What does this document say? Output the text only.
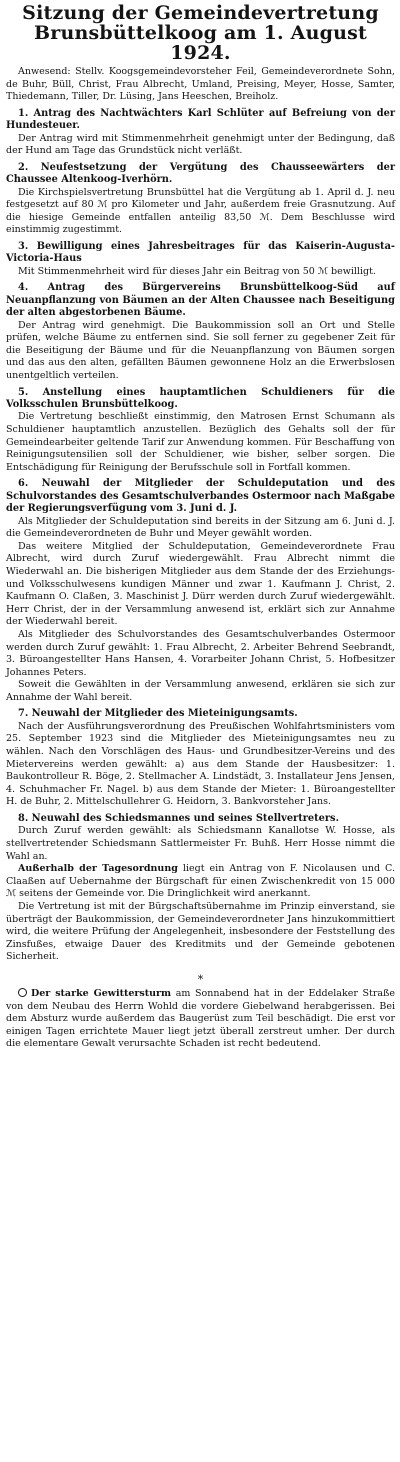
Sitzung der Gemeindevertretung
Brunsbüttelkoog am 1. August 1924.

Anwesend: Stellv. Koogsgemeindevorsteher Feil, Gemeindeverordnete Sohn, de Buhr, Büll, Christ, Frau Albrecht, Umland, Preising, Meyer, Hosse, Samter, Thiedemann, Tiller, Dr. Lüsing, Jans Heeschen, Breiholz.

1. Antrag des Nachtwächters Karl Schlüter auf Befreiung von der Hundesteuer.

Der Antrag wird mit Stimmenmehrheit genehmigt unter der Bedingung, daß der Hund am Tage das Grundstück nicht verläßt.

2. Neufestsetzung der Vergütung des Chausseewärters der Chaussee Altenkoog-Iverhörn.

Die Kirchspielsvertretung Brunsbüttel hat die Vergütung ab 1. April d. J. neu festgesetzt auf 80 ℳ pro Kilometer und Jahr, außerdem freie Grasnutzung. Auf die hiesige Gemeinde entfallen anteilig 83,50 ℳ. Dem Beschlusse wird einstimmig zugestimmt.

3. Bewilligung eines Jahresbeitrages für das Kaiserin-Augusta-Victoria-Haus

Mit Stimmenmehrheit wird für dieses Jahr ein Beitrag von 50 ℳ bewilligt.

4. Antrag des Bürgervereins Brunsbüttelkoog-Süd auf Neuanpflanzung von Bäumen an der Alten Chaussee nach Beseitigung der alten abgestorbenen Bäume.

Der Antrag wird genehmigt. Die Baukommission soll an Ort und Stelle prüfen, welche Bäume zu entfernen sind. Sie soll ferner zu gegebener Zeit für die Beseitigung der Bäume und für die Neuanpflanzung von Bäumen sorgen und das aus den alten, gefällten Bäumen gewonnene Holz an die Erwerbslosen unentgeltlich verteilen.

5. Anstellung eines hauptamtlichen Schuldieners für die Volksschulen Brunsbüttelkoog.

Die Vertretung beschließt einstimmig, den Matrosen Ernst Schumann als Schuldiener hauptamtlich anzustellen. Bezüglich des Gehalts soll der für Gemeindearbeiter geltende Tarif zur Anwendung kommen. Für Beschaffung von Reinigungsutensilien soll der Schuldiener, wie bisher, selber sorgen. Die Entschädigung für Reinigung der Berufsschule soll in Fortfall kommen.

6. Neuwahl der Mitglieder der Schuldeputation und des Schulvorstandes des Gesamtschulverbandes Ostermoor nach Maßgabe der Regierungsverfügung vom 3. Juni d. J.

Als Mitglieder der Schuldeputation sind bereits in der Sitzung am 6. Juni d. J. die Gemeindeverordneten de Buhr und Meyer gewählt worden.

Das weitere Mitglied der Schuldeputation, Gemeindeverordnete Frau Albrecht, wird durch Zuruf wiedergewählt. Frau Albrecht nimmt die Wiederwahl an. Die bisherigen Mitglieder aus dem Stande der des Erziehungs- und Volksschulwesens kundigen Männer und zwar 1. Kaufmann J. Christ, 2. Kaufmann O. Claßen, 3. Maschinist J. Dürr werden durch Zuruf wiedergewählt. Herr Christ, der in der Versammlung anwesend ist, erklärt sich zur Annahme der Wiederwahl bereit.

Als Mitglieder des Schulvorstandes des Gesamtschulverbandes Ostermoor werden durch Zuruf gewählt: 1. Frau Albrecht, 2. Arbeiter Behrend Seebrandt, 3. Büroangestellter Hans Hansen, 4. Vorarbeiter Johann Christ, 5. Hofbesitzer Johannes Peters.

Soweit die Gewählten in der Versammlung anwesend, erklären sie sich zur Annahme der Wahl bereit.

7. Neuwahl der Mitglieder des Mieteinigungsamts.

Nach der Ausführungsverordnung des Preußischen Wohlfahrtsministers vom 25. September 1923 sind die Mitglieder des Mieteinigungsamtes neu zu wählen. Nach den Vorschlägen des Haus- und Grundbesitzer-Vereins und des Mietervereins werden gewählt: a) aus dem Stande der Hausbesitzer: 1. Baukontrolleur R. Böge, 2. Stellmacher A. Lindstädt, 3. Installateur Jens Jensen, 4. Schuhmacher Fr. Nagel. b) aus dem Stande der Mieter: 1. Büroangestellter H. de Buhr, 2. Mittelschullehrer G. Heidorn, 3. Bankvorsteher Jans.

8. Neuwahl des Schiedsmannes und seines Stellvertreters.

Durch Zuruf werden gewählt: als Schiedsmann Kanallotse W. Hosse, als stellvertretender Schiedsmann Sattlermeister Fr. Buhß. Herr Hosse nimmt die Wahl an.

Außerhalb der Tagesordnung liegt ein Antrag von F. Nicolausen und C. Claaßen auf Uebernahme der Bürgschaft für einen Zwischenkredit von 15 000 ℳ seitens der Gemeinde vor. Die Dringlichkeit wird anerkannt.

Die Vertretung ist mit der Bürgschaftsübernahme im Prinzip einverstand, sie überträgt der Baukommission, der Gemeindeverordneter Jans hinzukommittiert wird, die weitere Prüfung der Angelegenheit, insbesondere der Feststellung des Zinsfußes, etwaige Dauer des Kreditmits und der Gemeinde gebotenen Sicherheit.

*

Der starke Gewittersturm am Sonnabend hat in der Eddelaker Straße von dem Neubau des Herrn Wohld die vordere Giebelwand herabgerissen. Bei dem Absturz wurde außerdem das Baugerüst zum Teil beschädigt. Die erst vor einigen Tagen errichtete Mauer liegt jetzt überall zerstreut umher. Der durch die elementare Gewalt verursachte Schaden ist recht bedeutend.
